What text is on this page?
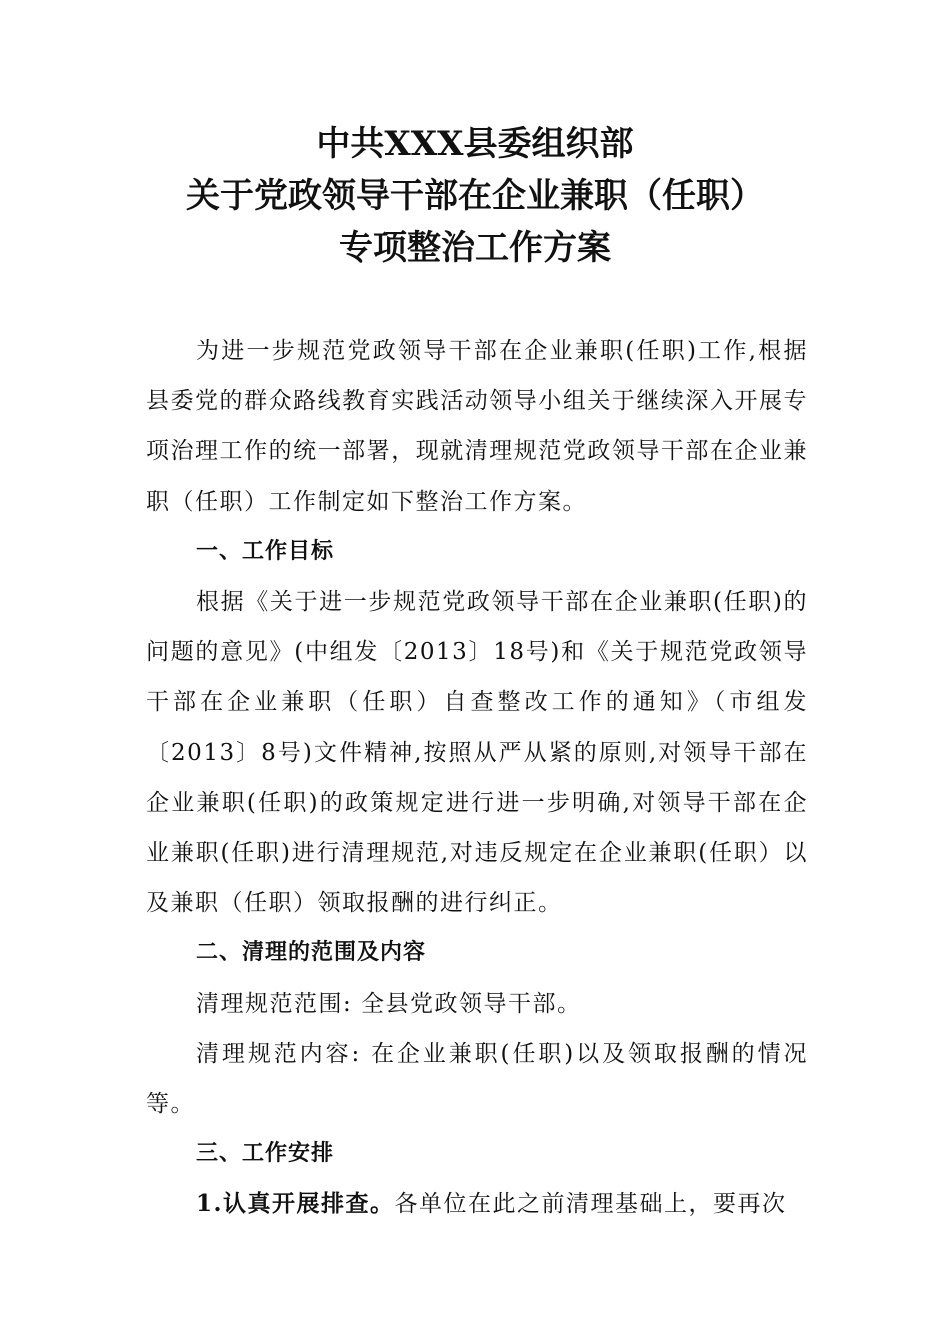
中共XXX县委组织部
关于党政领导干部在企业兼职（任职）
专项整治工作方案

为进一步规范党政领导干部在企业兼职(任职)工作,根据县委党的群众路线教育实践活动领导小组关于继续深入开展专项治理工作的统一部署，现就清理规范党政领导干部在企业兼职（任职）工作制定如下整治工作方案。

一、工作目标

根据《关于进一步规范党政领导干部在企业兼职(任职)的问题的意见》(中组发〔2013〕18号)和《关于规范党政领导干部在企业兼职（任职）自查整改工作的通知》（市组发〔2013〕8号)文件精神,按照从严从紧的原则,对领导干部在企业兼职(任职)的政策规定进行进一步明确,对领导干部在企业兼职(任职)进行清理规范,对违反规定在企业兼职(任职）以及兼职（任职）领取报酬的进行纠正。

二、清理的范围及内容

清理规范范围: 全县党政领导干部。

清理规范内容: 在企业兼职(任职)以及领取报酬的情况等。

三、工作安排

1.认真开展排查。各单位在此之前清理基础上，要再次
